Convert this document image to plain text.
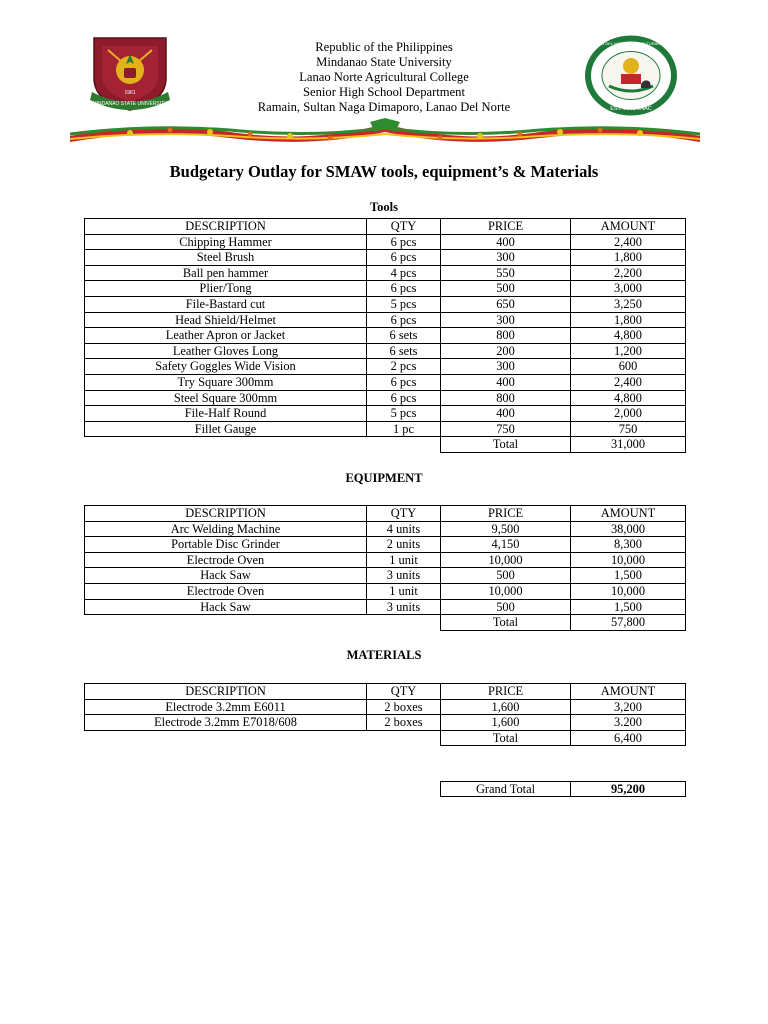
MINDANAO STATE UNIVERSITY
1961
Republic of the Philippines
Mindanao State University
Lanao Norte Agricultural College
Senior High School Department
Ramain, Sultan Naga Dimaporo, Lanao Del Norte	EST. 2001 LNAC
MINDANAO DEL NORTE AGRICULTURAL COLLEGE
Budgetary Outlay for SMAW tools, equipment’s & Materials
Tools
DESCRIPTION	QTY	PRICE	AMOUNT
Chipping Hammer	6 pcs	400	2,400
Steel Brush	6 pcs	300	1,800
Ball pen hammer	4 pcs	550	2,200
Plier/Tong	6 pcs	500	3,000
File-Bastard cut	5 pcs	650	3,250
Head Shield/Helmet	6 pcs	300	1,800
Leather Apron or Jacket	6 sets	800	4,800
Leather Gloves Long	6 sets	200	1,200
Safety Goggles Wide Vision	2 pcs	300	600
Try Square 300mm	6 pcs	400	2,400
Steel Square 300mm	6 pcs	800	4,800
File-Half Round	5 pcs	400	2,000
Fillet Gauge	1 pc	750	750
		Total	31,000
EQUIPMENT
DESCRIPTION	QTY	PRICE	AMOUNT
Arc Welding Machine	4 units	9,500	38,000
Portable Disc Grinder	2 units	4,150	8,300
Electrode Oven	1 unit	10,000	10,000
Hack Saw	3 units	500	1,500
Electrode Oven	1 unit	10,000	10,000
Hack Saw	3 units	500	1,500
		Total	57,800
MATERIALS
DESCRIPTION	QTY	PRICE	AMOUNT
Electrode 3.2mm E6011	2 boxes	1,600	3,200
Electrode 3.2mm E7018/608	2 boxes	1,600	3.200
		Total	6,400
Grand Total	95,200
